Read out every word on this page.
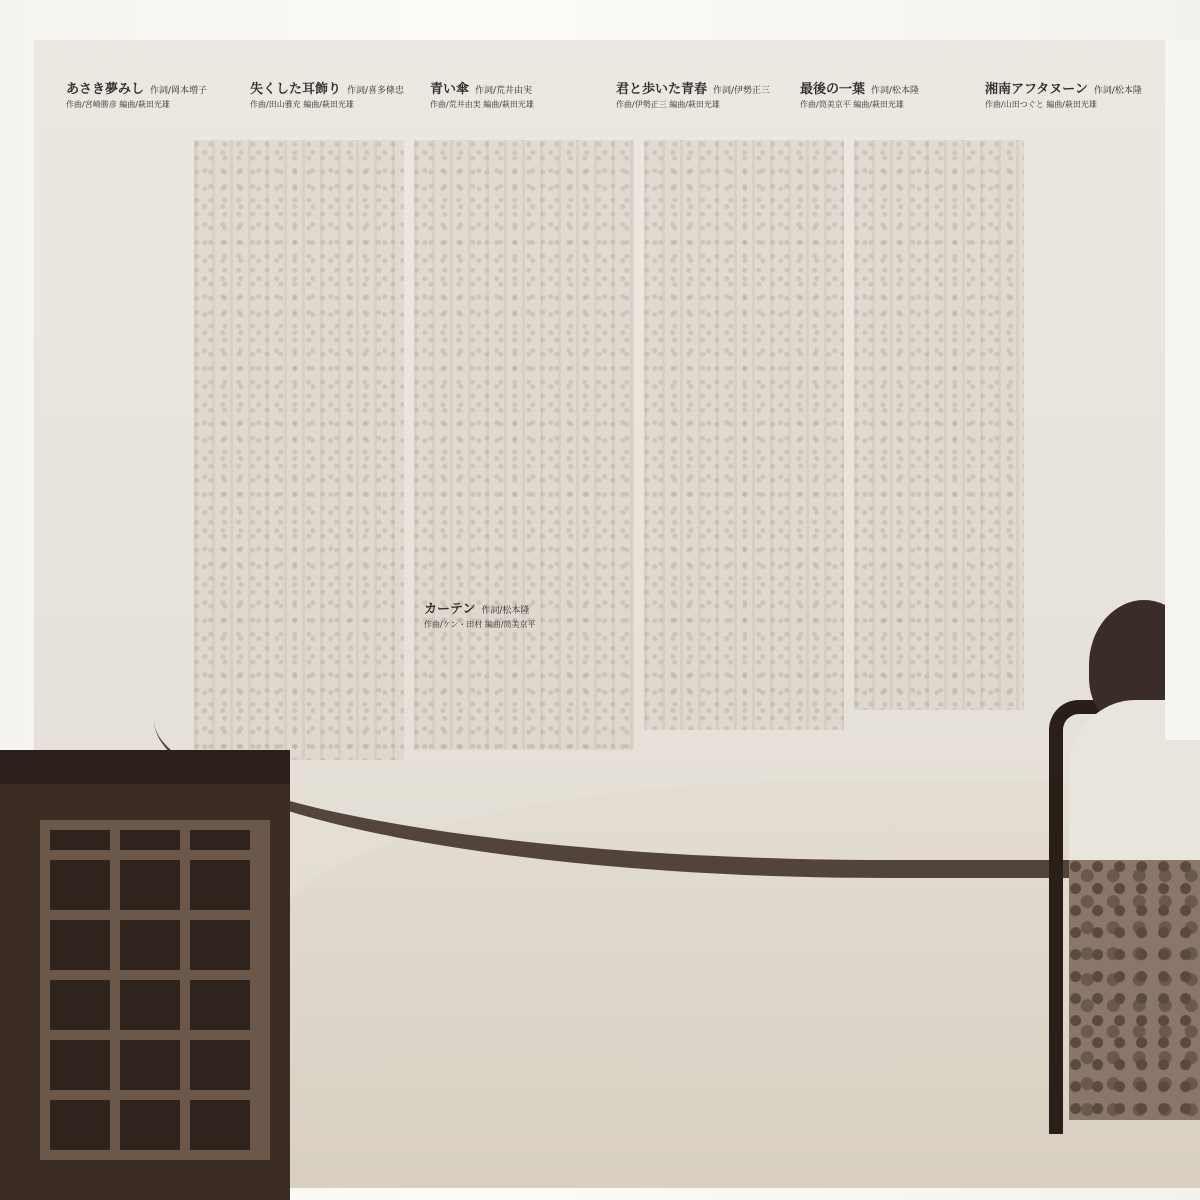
あさき夢みし 作詞/岡本増子
作曲/宮崎勝彦 編曲/萩田光雄
失くした耳飾り 作詞/喜多條忠
作曲/田山雅充 編曲/萩田光雄
青い傘 作詞/荒井由実
作曲/荒井由実 編曲/萩田光雄
カーテン 作詞/松本隆
作曲/ケン・田村 編曲/筒美京平
君と歩いた青春 作詞/伊勢正三
作曲/伊勢正三 編曲/萩田光雄
最後の一葉 作詞/松本隆
作曲/筒美京平 編曲/萩田光雄
湘南アフタヌーン 作詞/松本隆
作曲/山田つぐと 編曲/萩田光雄
